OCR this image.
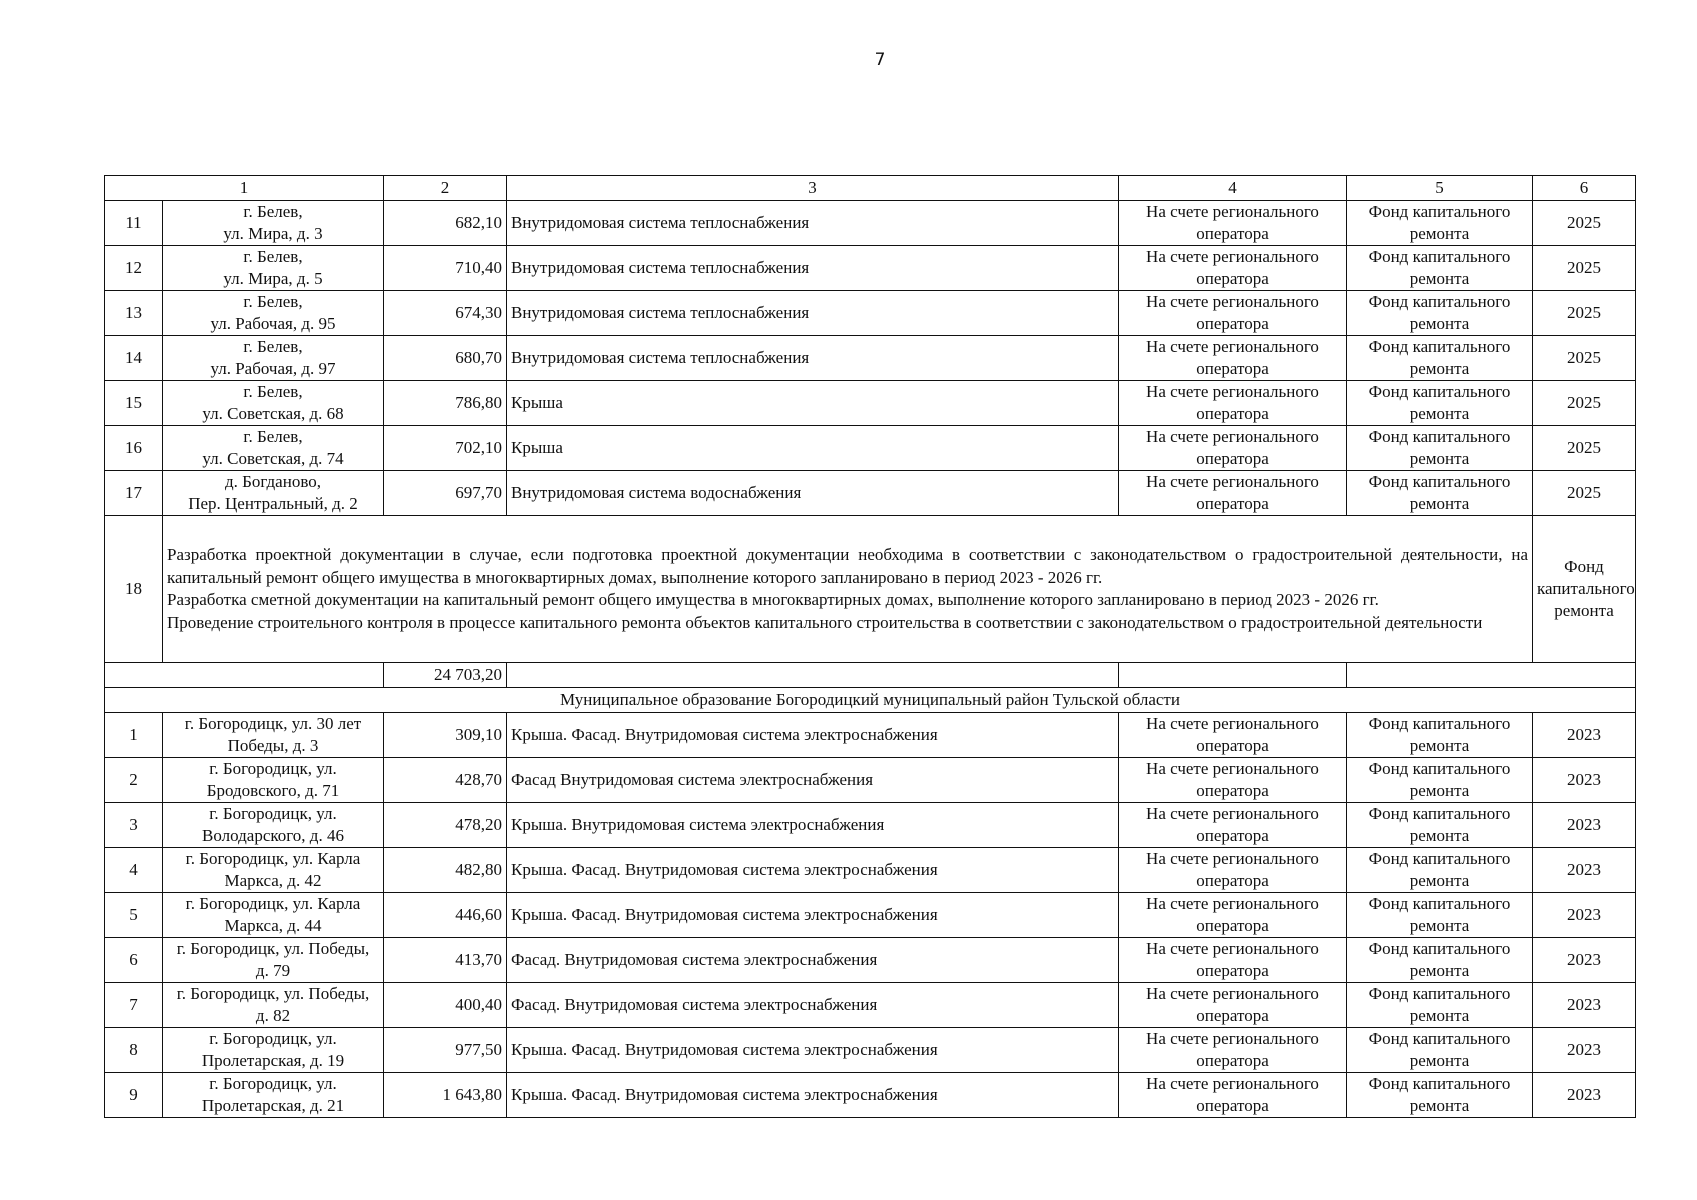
7
1		2	3	4	5	6
11	г. Белев,
ул. Мира, д. 3	682,10	Внутридомовая система теплоснабжения	На счете регионального
оператора	Фонд капитального
ремонта	2025
12	г. Белев,
ул. Мира, д. 5	710,40	Внутридомовая система теплоснабжения	На счете регионального
оператора	Фонд капитального
ремонта	2025
13	г. Белев,
ул. Рабочая, д. 95	674,30	Внутридомовая система теплоснабжения	На счете регионального
оператора	Фонд капитального
ремонта	2025
14	г. Белев,
ул. Рабочая, д. 97	680,70	Внутридомовая система теплоснабжения	На счете регионального
оператора	Фонд капитального
ремонта	2025
15	г. Белев,
ул. Советская, д. 68	786,80	Крыша	На счете регионального
оператора	Фонд капитального
ремонта	2025
16	г. Белев,
ул. Советская, д. 74	702,10	Крыша	На счете регионального
оператора	Фонд капитального
ремонта	2025
17	д. Богданово,
Пер. Центральный, д. 2	697,70	Внутридомовая система водоснабжения	На счете регионального
оператора	Фонд капитального
ремонта	2025
18	Разработка проектной документации в случае, если подготовка проектной документации необходима в соответствии с законодательством о градостроительной деятельности, на капитальный ремонт общего имущества в многоквартирных домах, выполнение которого запланировано в период 2023 - 2026 гг.

Разработка сметной документации на капитальный ремонт общего имущества в многоквартирных домах, выполнение которого запланировано в период 2023 - 2026 гг.

Проведение строительного контроля в процессе капитального ремонта объектов капитального строительства в соответствии с законодательством о градостроительной деятельности					Фонд капитального ремонта
		24 703,20				
Муниципальное образование Богородицкий муниципальный район Тульской области						
1	г. Богородицк, ул. 30 лет
Победы, д. 3	309,10	Крыша. Фасад. Внутридомовая система электроснабжения	На счете регионального
оператора	Фонд капитального
ремонта	2023
2	г. Богородицк, ул.
Бродовского, д. 71	428,70	Фасад Внутридомовая система электроснабжения	На счете регионального
оператора	Фонд капитального
ремонта	2023
3	г. Богородицк, ул.
Володарского, д. 46	478,20	Крыша. Внутридомовая система электроснабжения	На счете регионального
оператора	Фонд капитального
ремонта	2023
4	г. Богородицк, ул. Карла
Маркса, д. 42	482,80	Крыша. Фасад. Внутридомовая система электроснабжения	На счете регионального
оператора	Фонд капитального
ремонта	2023
5	г. Богородицк, ул. Карла
Маркса, д. 44	446,60	Крыша. Фасад. Внутридомовая система электроснабжения	На счете регионального
оператора	Фонд капитального
ремонта	2023
6	г. Богородицк, ул. Победы,
д. 79	413,70	Фасад. Внутридомовая система электроснабжения	На счете регионального
оператора	Фонд капитального
ремонта	2023
7	г. Богородицк, ул. Победы,
д. 82	400,40	Фасад. Внутридомовая система электроснабжения	На счете регионального
оператора	Фонд капитального
ремонта	2023
8	г. Богородицк, ул.
Пролетарская, д. 19	977,50	Крыша. Фасад. Внутридомовая система электроснабжения	На счете регионального
оператора	Фонд капитального
ремонта	2023
9	г. Богородицк, ул.
Пролетарская, д. 21	1 643,80	Крыша. Фасад. Внутридомовая система электроснабжения	На счете регионального
оператора	Фонд капитального
ремонта	2023
